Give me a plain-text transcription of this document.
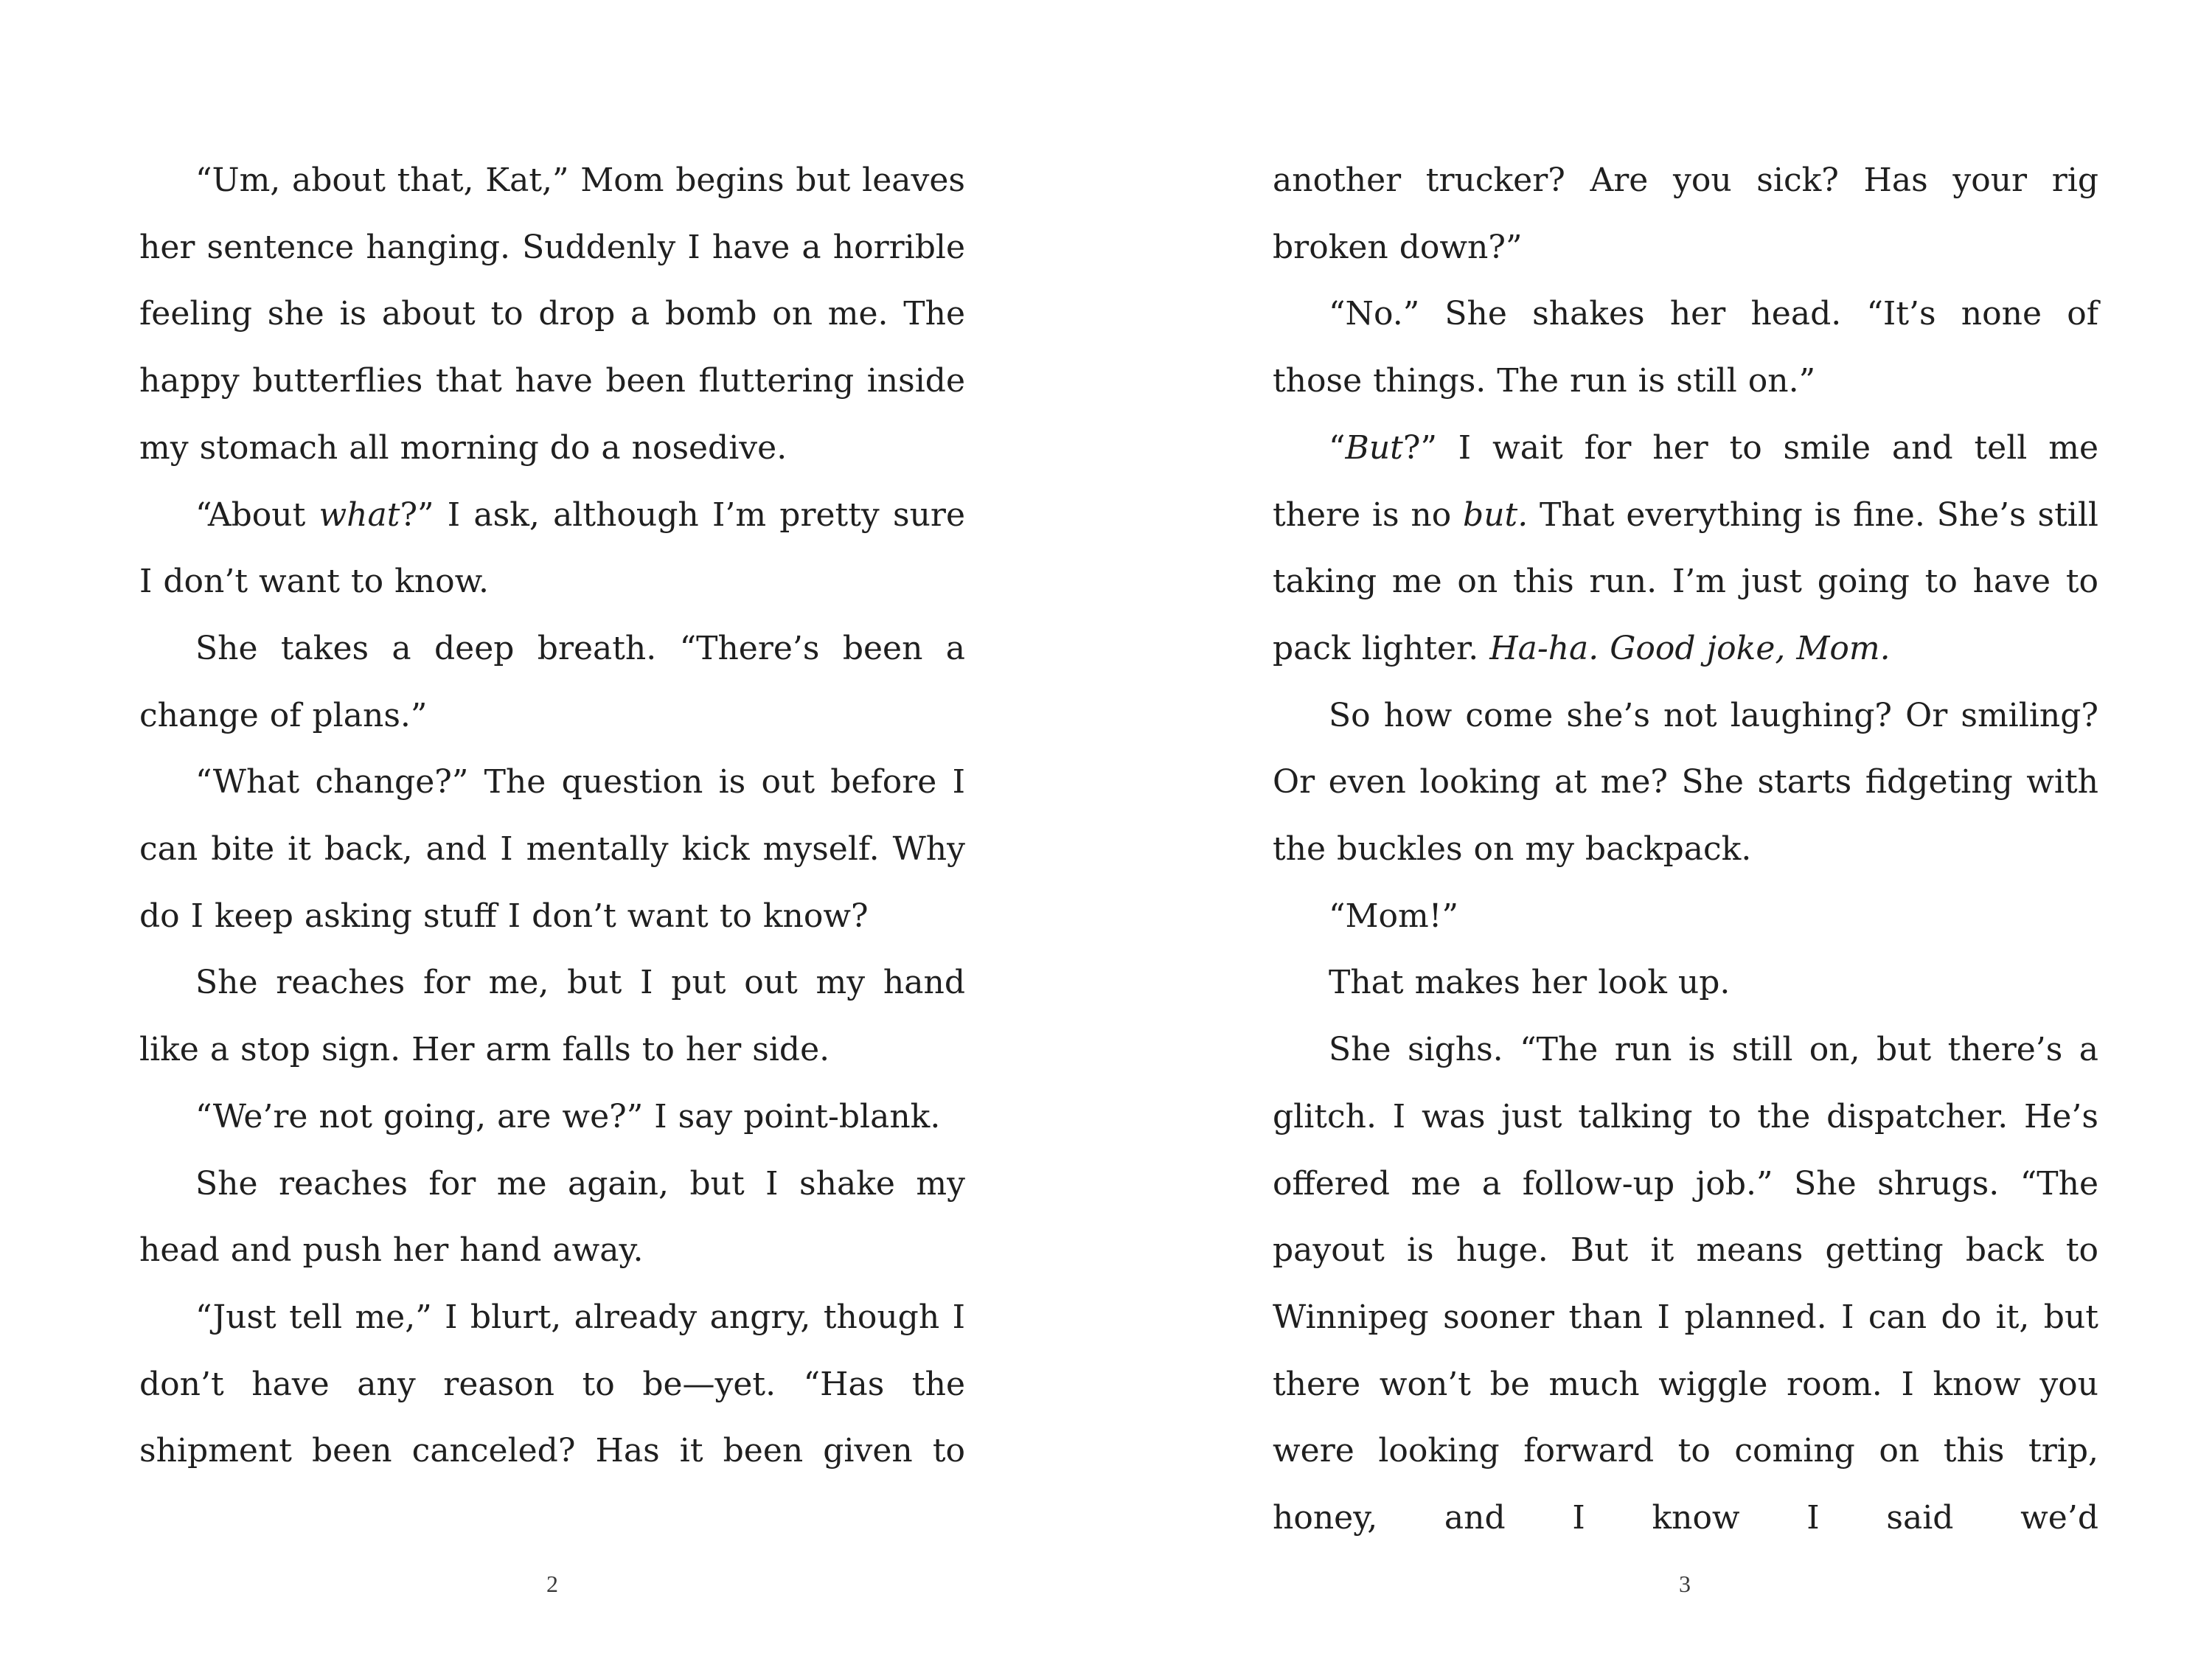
“Um, about that, Kat,” Mom begins but leaves her sentence hanging. Suddenly I have a horrible feeling she is about to drop a bomb on me. The happy butterflies that have been fluttering inside my stomach all morning do a nosedive.

“About what?” I ask, although I’m pretty sure I don’t want to know.

She takes a deep breath. “There’s been a change of plans.”

“What change?” The question is out before I can bite it back, and I mentally kick myself. Why do I keep asking stuff I don’t want to know?

She reaches for me, but I put out my hand like a stop sign. Her arm falls to her side.

“We’re not going, are we?” I say point-blank.

She reaches for me again, but I shake my head and push her hand away.

“Just tell me,” I blurt, already angry, though I don’t have any reason to be—yet. “Has the shipment been canceled? Has it been given to

another trucker? Are you sick? Has your rig broken down?”

“No.” She shakes her head. “It’s none of those things. The run is still on.”

“But?” I wait for her to smile and tell me there is no but. That everything is fine. She’s still taking me on this run. I’m just going to have to pack lighter. Ha-ha. Good joke, Mom.

So how come she’s not laughing? Or smiling? Or even looking at me? She starts fidgeting with the buckles on my backpack.

“Mom!”

That makes her look up.

She sighs. “The run is still on, but there’s a glitch. I was just talking to the dispatcher. He’s offered me a follow-up job.” She shrugs. “The payout is huge. But it means getting back to Winnipeg sooner than I planned. I can do it, but there won’t be much wiggle room. I know you were looking forward to coming on this trip, honey, and I know I said we’d

2	3
